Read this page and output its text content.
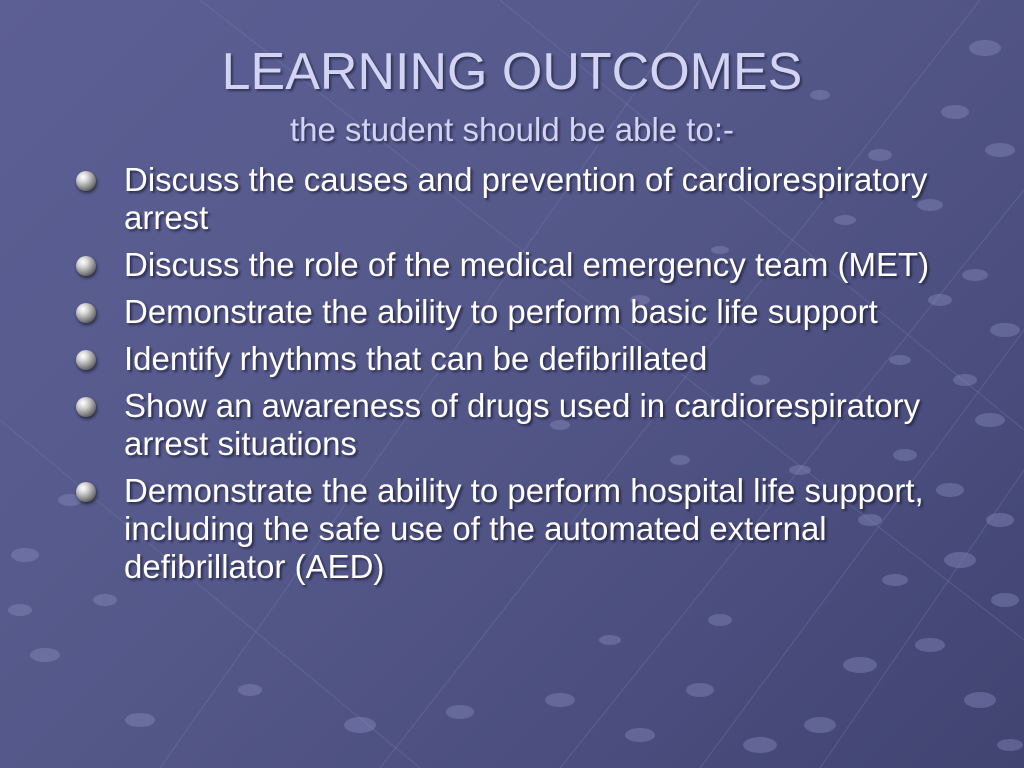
LEARNING OUTCOMES
the student should be able to:-
Discuss the causes and prevention of cardiorespiratory arrest
Discuss the role of the medical emergency team (MET)
Demonstrate the ability to perform basic life support
Identify rhythms that can be defibrillated
Show an awareness of drugs used in cardiorespiratory arrest situations
Demonstrate the ability to perform hospital life support, including the safe use of the automated external defibrillator (AED)
